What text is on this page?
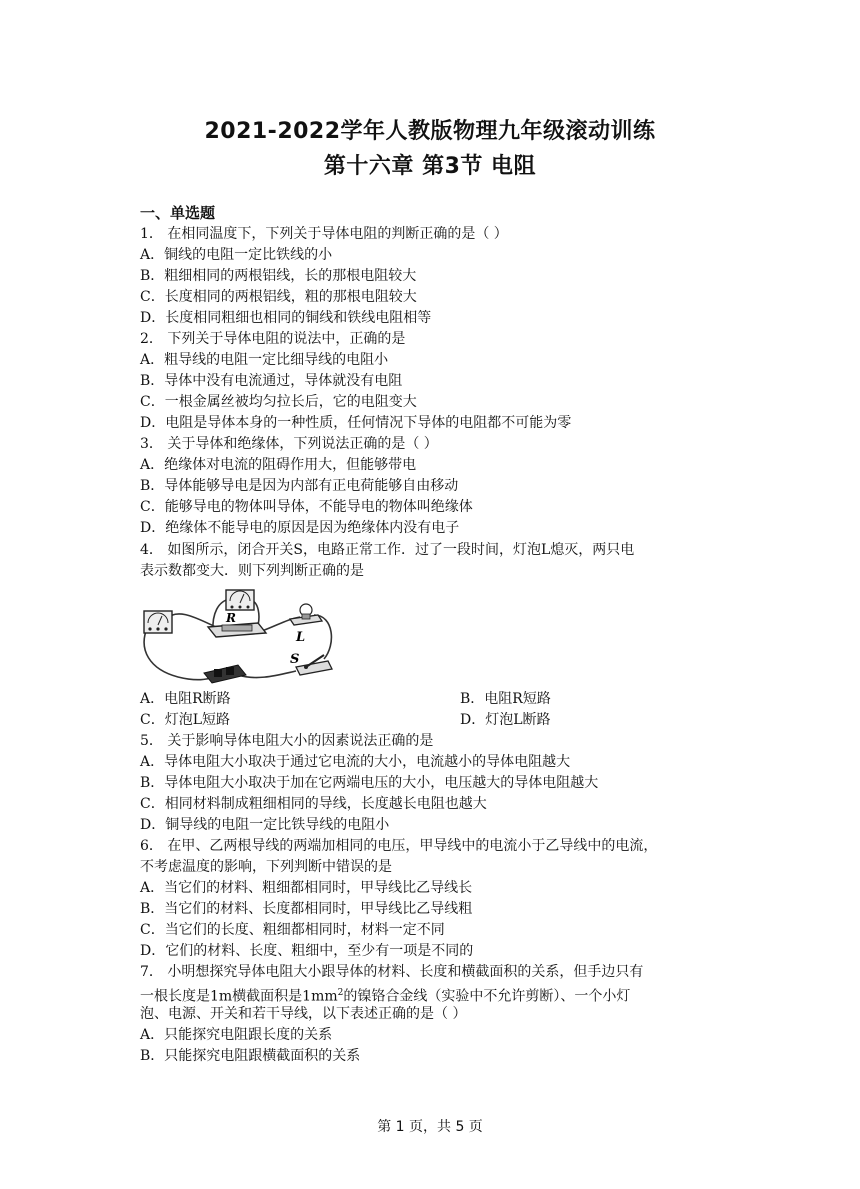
2021-2022学年人教版物理九年级滚动训练
第十六章 第3节 电阻
一、单选题
1． 在相同温度下，下列关于导体电阻的判断正确的是（ ）
A．铜线的电阻一定比铁线的小
B．粗细相同的两根铝线，长的那根电阻较大
C．长度相同的两根铝线，粗的那根电阻较大
D．长度相同粗细也相同的铜线和铁线电阻相等
2． 下列关于导体电阻的说法中，正确的是
A．粗导线的电阻一定比细导线的电阻小
B．导体中没有电流通过，导体就没有电阻
C．一根金属丝被均匀拉长后，它的电阻变大
D．电阻是导体本身的一种性质，任何情况下导体的电阻都不可能为零
3． 关于导体和绝缘体，下列说法正确的是（ ）
A．绝缘体对电流的阻碍作用大，但能够带电
B．导体能够导电是因为内部有正电荷能够自由移动
C．能够导电的物体叫导体，不能导电的物体叫绝缘体
D．绝缘体不能导电的原因是因为绝缘体内没有电子
4． 如图所示，闭合开关S，电路正常工作．过了一段时间，灯泡L熄灭，两只电
表示数都变大．则下列判断正确的是
R
L
S
A．电阻R断路	B．电阻R短路
C．灯泡L短路	D．灯泡L断路
5． 关于影响导体电阻大小的因素说法正确的是
A．导体电阻大小取决于通过它电流的大小，电流越小的导体电阻越大
B．导体电阻大小取决于加在它两端电压的大小，电压越大的导体电阻越大
C．相同材料制成粗细相同的导线，长度越长电阻也越大
D．铜导线的电阻一定比铁导线的电阻小
6． 在甲、乙两根导线的两端加相同的电压，甲导线中的电流小于乙导线中的电流，
不考虑温度的影响，下列判断中错误的是
A．当它们的材料、粗细都相同时，甲导线比乙导线长
B．当它们的材料、长度都相同时，甲导线比乙导线粗
C．当它们的长度、粗细都相同时，材料一定不同
D．它们的材料、长度、粗细中，至少有一项是不同的
7． 小明想探究导体电阻大小跟导体的材料、长度和横截面积的关系，但手边只有
一根长度是1m横截面积是$1mm^2$的镍铬合金线（实验中不允许剪断）、一个小灯
泡、电源、开关和若干导线，以下表述正确的是（ ）
A．只能探究电阻跟长度的关系
B．只能探究电阻跟横截面积的关系
第 1 页，共 5 页
